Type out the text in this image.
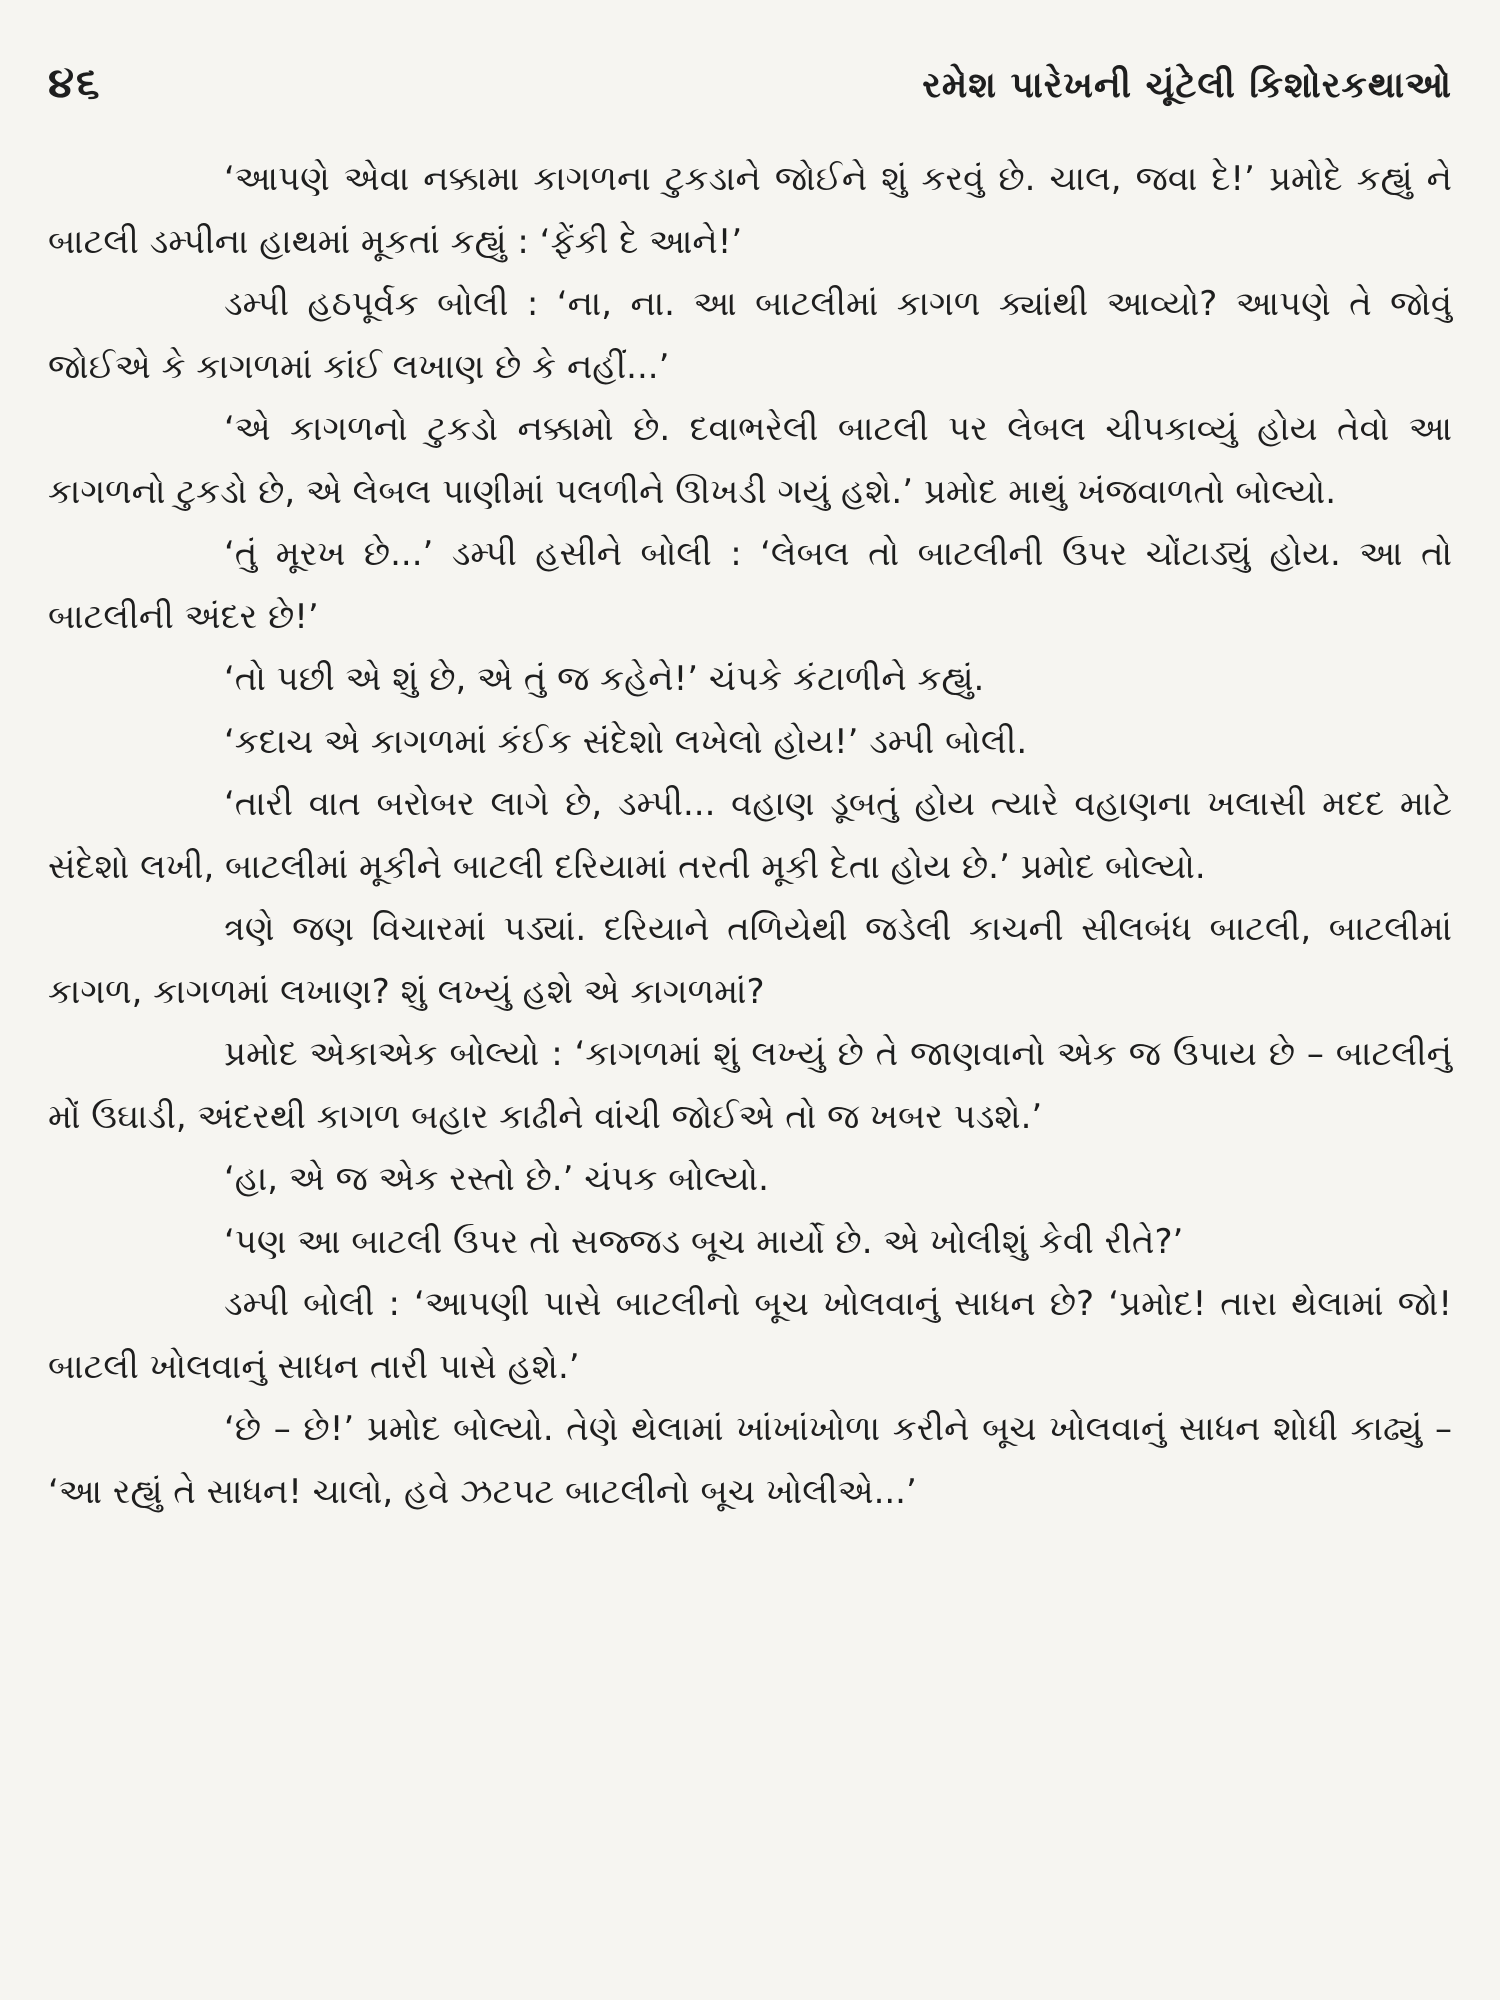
૪૬	રમેશ પારેખની ચૂંટેલી કિશોરકથાઓ

‘આપણે એવા નક્કામા કાગળના ટુકડાને જોઈને શું કરવું છે. ચાલ, જવા દે!’ પ્રમોદે કહ્યું ને બાટલી ડમ્પીના હાથમાં મૂકતાં કહ્યું : ‘ફેંકી દે આને!’

ડમ્પી હઠપૂર્વક બોલી : ‘ના, ના. આ બાટલીમાં કાગળ ક્યાંથી આવ્યો? આપણે તે જોવું જોઈએ કે કાગળમાં કાંઈ લખાણ છે કે નહીં...’

‘એ કાગળનો ટુકડો નક્કામો છે. દવાભરેલી બાટલી પર લેબલ ચીપકાવ્યું હોય તેવો આ કાગળનો ટુકડો છે, એ લેબલ પાણીમાં પલળીને ઊખડી ગયું હશે.’ પ્રમોદ માથું ખંજવાળતો બોલ્યો.

‘તું મૂરખ છે...’ ડમ્પી હસીને બોલી : ‘લેબલ તો બાટલીની ઉપર ચોંટાડ્યું હોય. આ તો બાટલીની અંદર છે!’

‘તો પછી એ શું છે, એ તું જ કહેને!’ ચંપકે કંટાળીને કહ્યું.

‘કદાચ એ કાગળમાં કંઈક સંદેશો લખેલો હોય!’ ડમ્પી બોલી.

‘તારી વાત બરોબર લાગે છે, ડમ્પી... વહાણ ડૂબતું હોય ત્યારે વહાણના ખલાસી મદદ માટે સંદેશો લખી, બાટલીમાં મૂકીને બાટલી દરિયામાં તરતી મૂકી દેતા હોય છે.’ પ્રમોદ બોલ્યો.

ત્રણે જણ વિચારમાં પડ્યાં. દરિયાને તળિયેથી જડેલી કાચની સીલબંધ બાટલી, બાટલીમાં કાગળ, કાગળમાં લખાણ? શું લખ્યું હશે એ કાગળમાં?

પ્રમોદ એકાએક બોલ્યો : ‘કાગળમાં શું લખ્યું છે તે જાણવાનો એક જ ઉપાય છે – બાટલીનું મોં ઉઘાડી, અંદરથી કાગળ બહાર કાઢીને વાંચી જોઈએ તો જ ખબર પડશે.’

‘હા, એ જ એક રસ્તો છે.’ ચંપક બોલ્યો.

‘પણ આ બાટલી ઉપર તો સજ્જડ બૂચ માર્યો છે. એ ખોલીશું કેવી રીતે?’

ડમ્પી બોલી : ‘આપણી પાસે બાટલીનો બૂચ ખોલવાનું સાધન છે? ‘પ્રમોદ! તારા થેલામાં જો! બાટલી ખોલવાનું સાધન તારી પાસે હશે.’

‘છે – છે!’ પ્રમોદ બોલ્યો. તેણે થેલામાં ખાંખાંખોળા કરીને બૂચ ખોલવાનું સાધન શોધી કાઢ્યું – ‘આ રહ્યું તે સાધન! ચાલો, હવે ઝટપટ બાટલીનો બૂચ ખોલીએ...’
